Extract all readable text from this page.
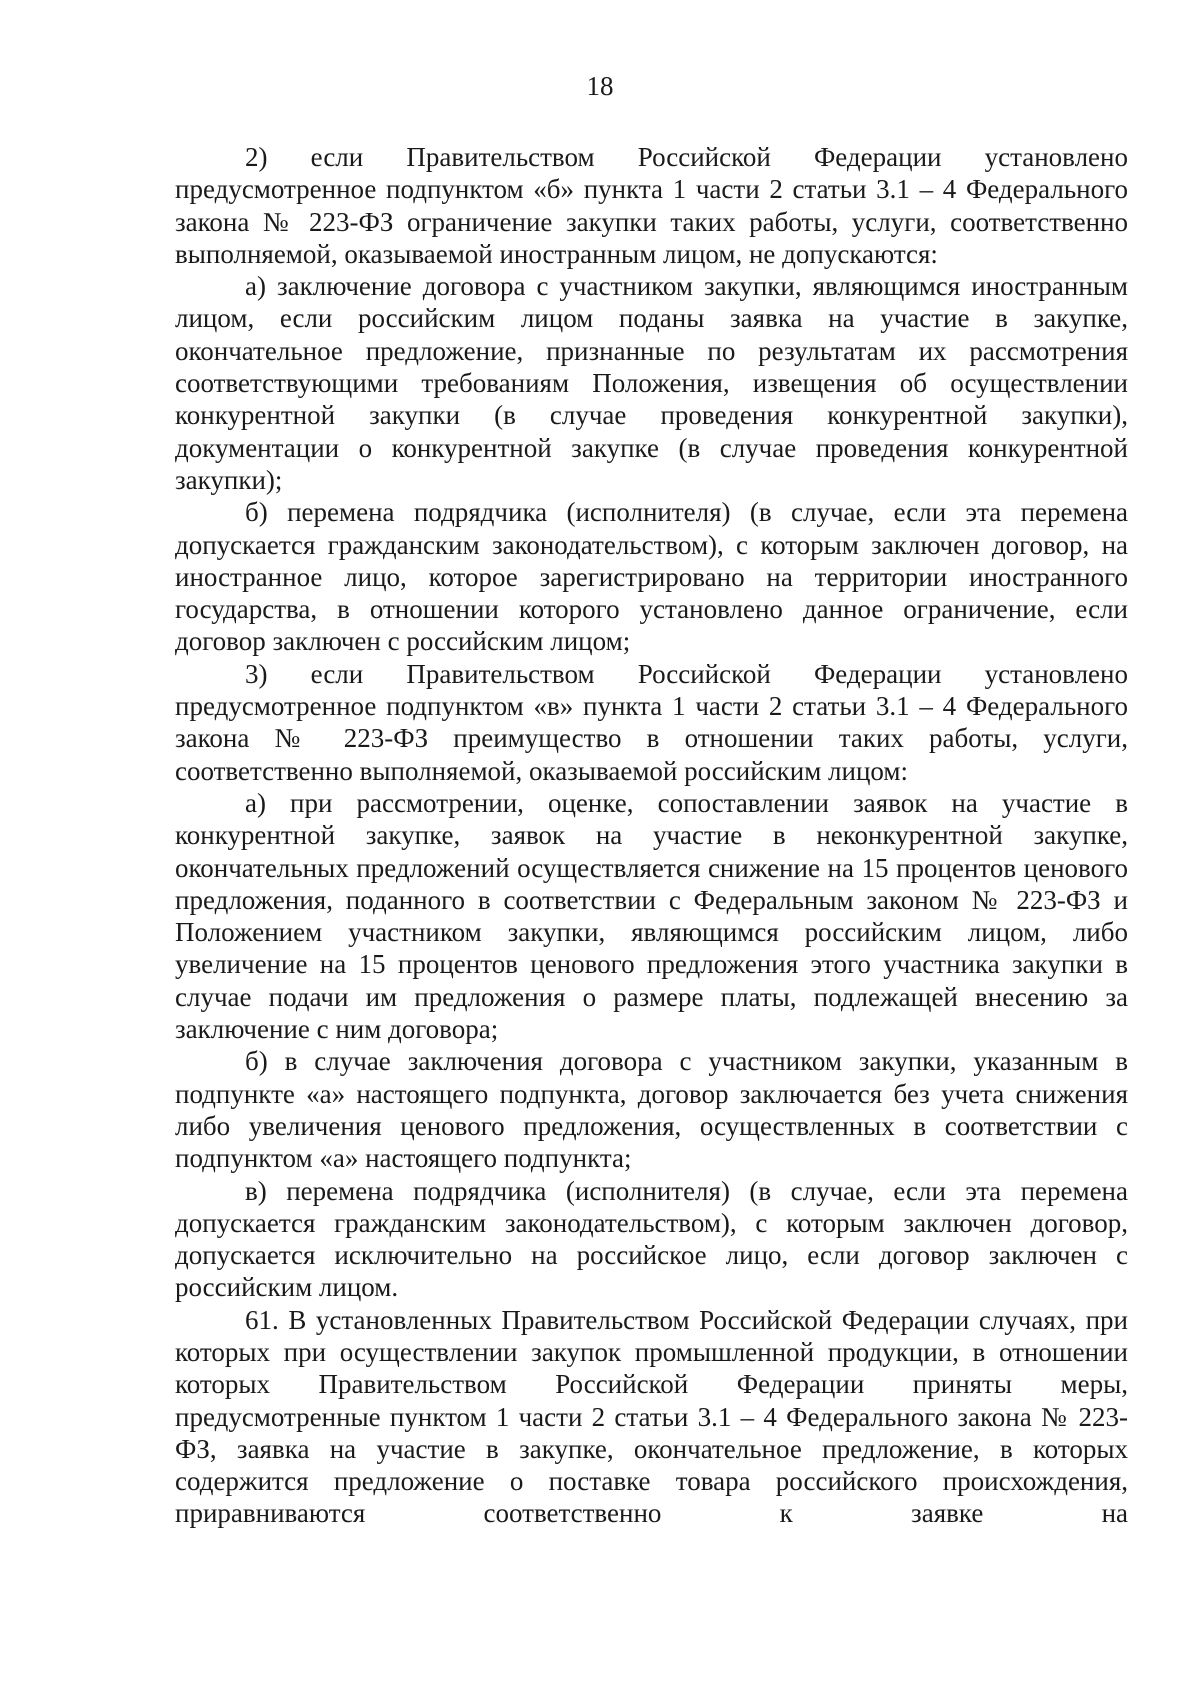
18

2) если Правительством Российской Федерации установлено предусмотренное подпунктом «б» пункта 1 части 2 статьи 3.1 – 4 Федерального закона № 223-ФЗ ограничение закупки таких работы, услуги, соответственно выполняемой, оказываемой иностранным лицом, не допускаются:

а) заключение договора с участником закупки, являющимся иностранным лицом, если российским лицом поданы заявка на участие в закупке, окончательное предложение, признанные по результатам их рассмотрения соответствующими требованиям Положения, извещения об осуществлении конкурентной закупки (в случае проведения конкурентной закупки), документации о конкурентной закупке (в случае проведения конкурентной закупки);

б) перемена подрядчика (исполнителя) (в случае, если эта перемена допускается гражданским законодательством), с которым заключен договор, на иностранное лицо, которое зарегистрировано на территории иностранного государства, в отношении которого установлено данное ограничение, если договор заключен с российским лицом;

3) если Правительством Российской Федерации установлено предусмотренное подпунктом «в» пункта 1 части 2 статьи 3.1 – 4 Федерального закона № 223-ФЗ преимущество в отношении таких работы, услуги, соответственно выполняемой, оказываемой российским лицом:

а) при рассмотрении, оценке, сопоставлении заявок на участие в конкурентной закупке, заявок на участие в неконкурентной закупке, окончательных предложений осуществляется снижение на 15 процентов ценового предложения, поданного в соответствии с Федеральным законом № 223-ФЗ и Положением участником закупки, являющимся российским лицом, либо увеличение на 15 процентов ценового предложения этого участника закупки в случае подачи им предложения о размере платы, подлежащей внесению за заключение с ним договора;

б) в случае заключения договора с участником закупки, указанным в подпункте «а» настоящего подпункта, договор заключается без учета снижения либо увеличения ценового предложения, осуществленных в соответствии с подпунктом «а» настоящего подпункта;

в) перемена подрядчика (исполнителя) (в случае, если эта перемена допускается гражданским законодательством), с которым заключен договор, допускается исключительно на российское лицо, если договор заключен с российским лицом.

61. В установленных Правительством Российской Федерации случаях, при которых при осуществлении закупок промышленной продукции, в отношении которых Правительством Российской Федерации приняты меры, предусмотренные пунктом 1 части 2 статьи 3.1 – 4 Федерального закона № 223-ФЗ, заявка на участие в закупке, окончательное предложение, в которых содержится предложение о поставке товара российского происхождения, приравниваются соответственно к заявке на
